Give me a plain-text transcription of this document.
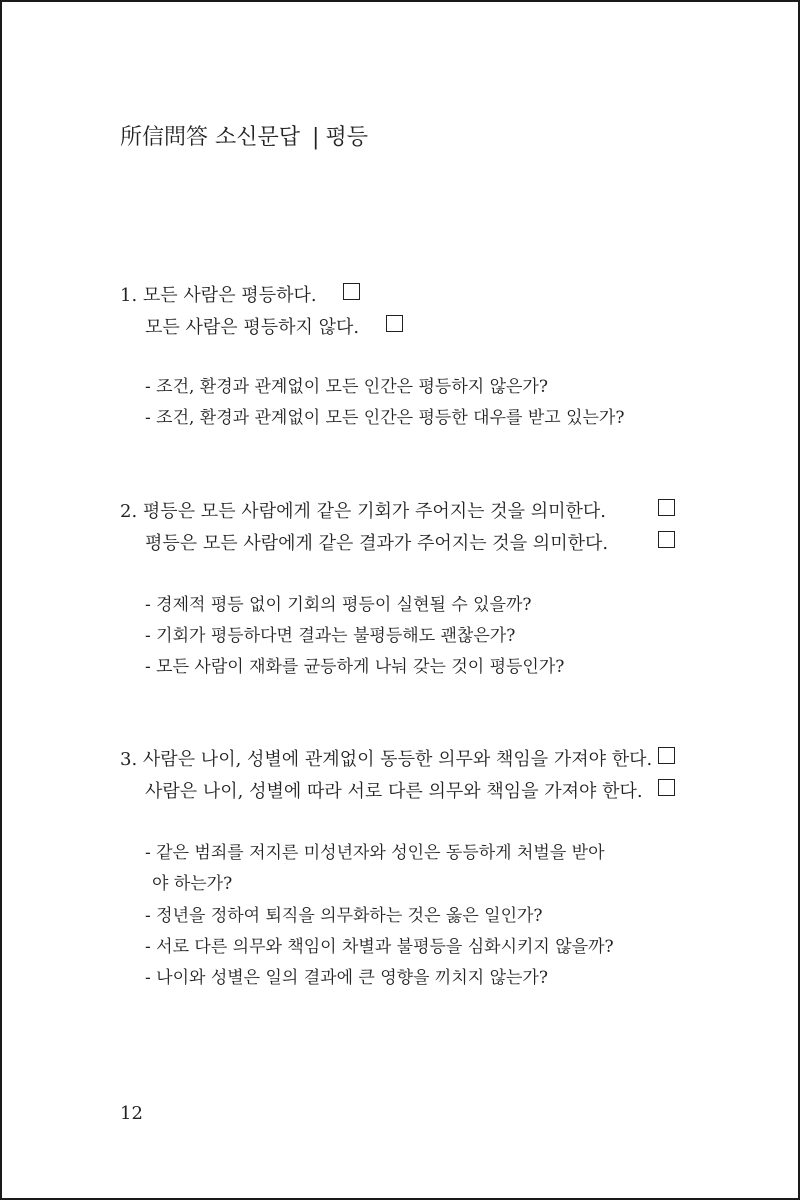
所信問答 소신문답 | 평등
1. 모든 사람은 평등하다.
모든 사람은 평등하지 않다.
- 조건, 환경과 관계없이 모든 인간은 평등하지 않은가?
- 조건, 환경과 관계없이 모든 인간은 평등한 대우를 받고 있는가?
2. 평등은 모든 사람에게 같은 기회가 주어지는 것을 의미한다.
평등은 모든 사람에게 같은 결과가 주어지는 것을 의미한다.
- 경제적 평등 없이 기회의 평등이 실현될 수 있을까?
- 기회가 평등하다면 결과는 불평등해도 괜찮은가?
- 모든 사람이 재화를 균등하게 나눠 갖는 것이 평등인가?
3. 사람은 나이, 성별에 관계없이 동등한 의무와 책임을 가져야 한다.
사람은 나이, 성별에 따라 서로 다른 의무와 책임을 가져야 한다.
- 같은 범죄를 저지른 미성년자와 성인은 동등하게 처벌을 받아
야 하는가?
- 정년을 정하여 퇴직을 의무화하는 것은 옳은 일인가?
- 서로 다른 의무와 책임이 차별과 불평등을 심화시키지 않을까?
- 나이와 성별은 일의 결과에 큰 영향을 끼치지 않는가?
12
